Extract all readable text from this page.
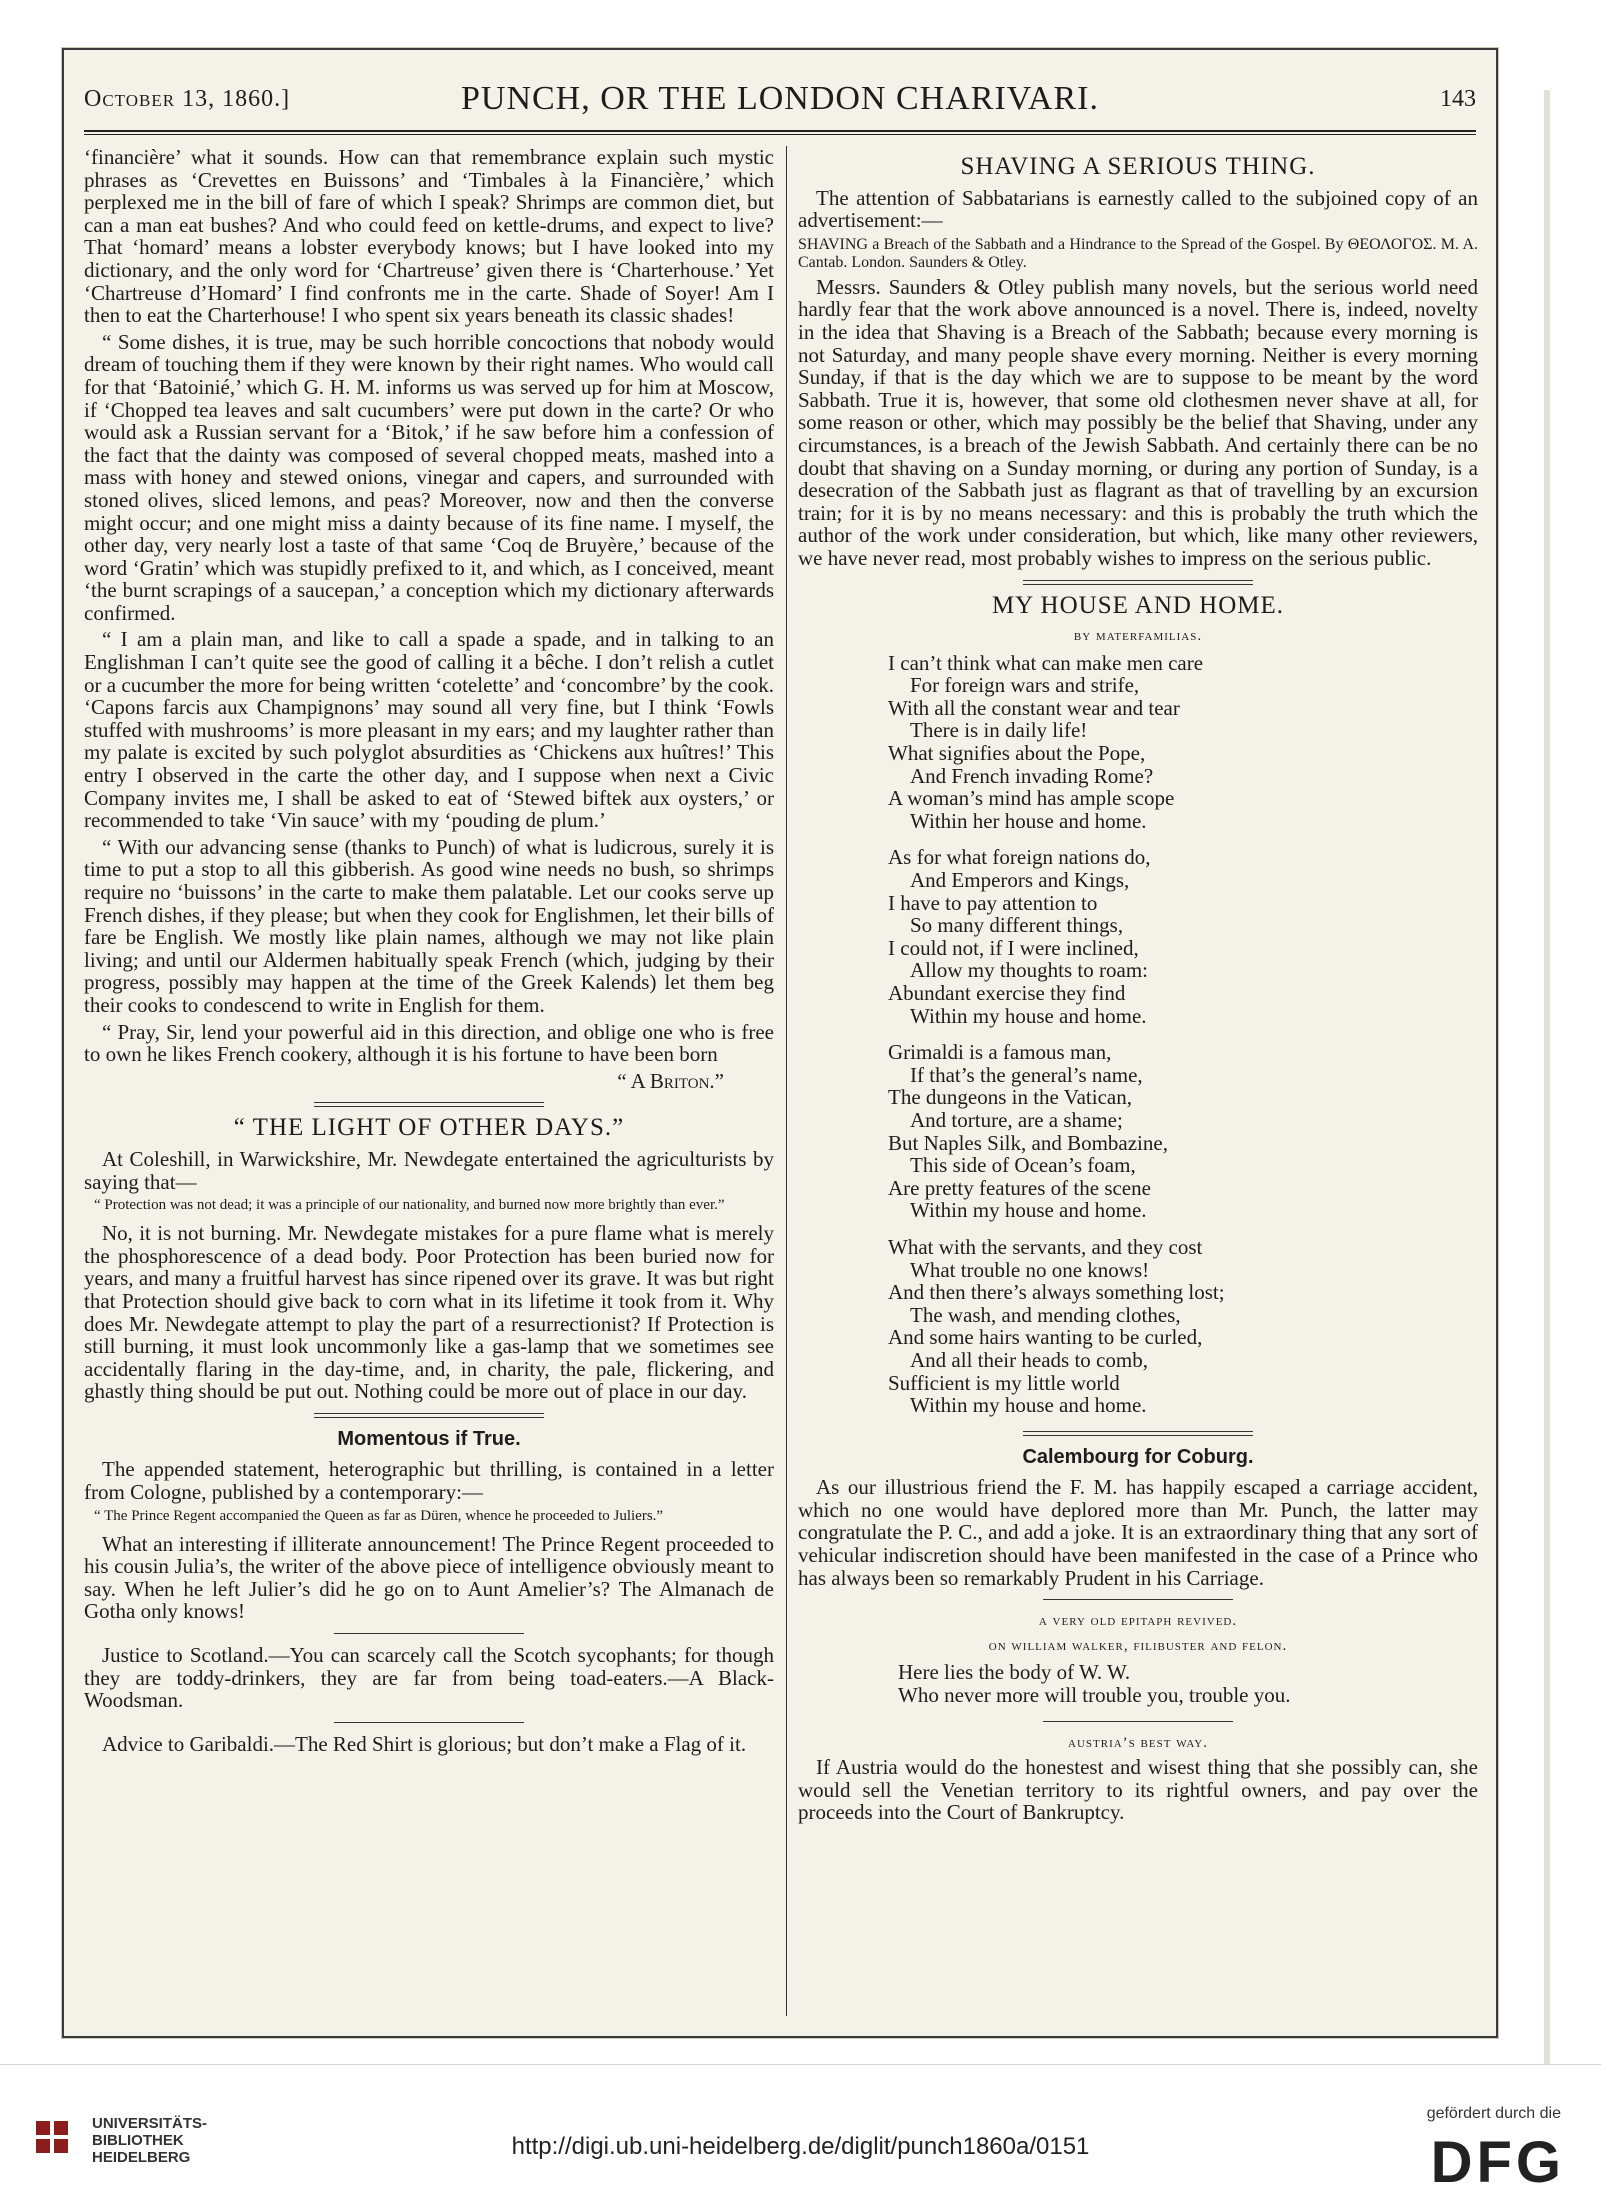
October 13, 1860.]	PUNCH, OR THE LONDON CHARIVARI.	143

‘financière’ what it sounds. How can that remembrance explain such mystic phrases as ‘Crevettes en Buissons’ and ‘Timbales à la Financière,’ which perplexed me in the bill of fare of which I speak? Shrimps are common diet, but can a man eat bushes? And who could feed on kettle-drums, and expect to live? That ‘homard’ means a lobster everybody knows; but I have looked into my dictionary, and the only word for ‘Chartreuse’ given there is ‘Charterhouse.’ Yet ‘Chartreuse d’Homard’ I find confronts me in the carte. Shade of Soyer! Am I then to eat the Charterhouse! I who spent six years beneath its classic shades!

“ Some dishes, it is true, may be such horrible concoctions that nobody would dream of touching them if they were known by their right names. Who would call for that ‘Batoinié,’ which G. H. M. informs us was served up for him at Moscow, if ‘Chopped tea leaves and salt cucumbers’ were put down in the carte? Or who would ask a Russian servant for a ‘Bitok,’ if he saw before him a confession of the fact that the dainty was composed of several chopped meats, mashed into a mass with honey and stewed onions, vinegar and capers, and surrounded with stoned olives, sliced lemons, and peas? Moreover, now and then the converse might occur; and one might miss a dainty because of its fine name. I myself, the other day, very nearly lost a taste of that same ‘Coq de Bruyère,’ because of the word ‘Gratin’ which was stupidly prefixed to it, and which, as I conceived, meant ‘the burnt scrapings of a saucepan,’ a conception which my dictionary afterwards confirmed.

“ I am a plain man, and like to call a spade a spade, and in talking to an Englishman I can’t quite see the good of calling it a bêche. I don’t relish a cutlet or a cucumber the more for being written ‘cotelette’ and ‘concombre’ by the cook. ‘Capons farcis aux Champignons’ may sound all very fine, but I think ‘Fowls stuffed with mushrooms’ is more pleasant in my ears; and my laughter rather than my palate is excited by such polyglot absurdities as ‘Chickens aux huîtres!’ This entry I observed in the carte the other day, and I suppose when next a Civic Company invites me, I shall be asked to eat of ‘Stewed biftek aux oysters,’ or recommended to take ‘Vin sauce’ with my ‘pouding de plum.’

“ With our advancing sense (thanks to Punch) of what is ludicrous, surely it is time to put a stop to all this gibberish. As good wine needs no bush, so shrimps require no ‘buissons’ in the carte to make them palatable. Let our cooks serve up French dishes, if they please; but when they cook for Englishmen, let their bills of fare be English. We mostly like plain names, although we may not like plain living; and until our Aldermen habitually speak French (which, judging by their progress, possibly may happen at the time of the Greek Kalends) let them beg their cooks to condescend to write in English for them.

“ Pray, Sir, lend your powerful aid in this direction, and oblige one who is free to own he likes French cookery, although it is his fortune to have been born

“ A Briton.”
“ THE LIGHT OF OTHER DAYS.”

At Coleshill, in Warwickshire, Mr. Newdegate entertained the agriculturists by saying that—

“ Protection was not dead; it was a principle of our nationality, and burned now more brightly than ever.”

No, it is not burning. Mr. Newdegate mistakes for a pure flame what is merely the phosphorescence of a dead body. Poor Protection has been buried now for years, and many a fruitful harvest has since ripened over its grave. It was but right that Protection should give back to corn what in its lifetime it took from it. Why does Mr. Newdegate attempt to play the part of a resurrectionist? If Protection is still burning, it must look uncommonly like a gas-lamp that we sometimes see accidentally flaring in the day-time, and, in charity, the pale, flickering, and ghastly thing should be put out. Nothing could be more out of place in our day.

Momentous if True.

The appended statement, heterographic but thrilling, is contained in a letter from Cologne, published by a contemporary:—

“ The Prince Regent accompanied the Queen as far as Düren, whence he proceeded to Juliers.”

What an interesting if illiterate announcement! The Prince Regent proceeded to his cousin Julia’s, the writer of the above piece of intelligence obviously meant to say. When he left Julier’s did he go on to Aunt Amelier’s? The Almanach de Gotha only knows!

Justice to Scotland.—You can scarcely call the Scotch sycophants; for though they are toddy-drinkers, they are far from being toad-eaters.—A Black-Woodsman.

Advice to Garibaldi.—The Red Shirt is glorious; but don’t make a Flag of it.

SHAVING A SERIOUS THING.

The attention of Sabbatarians is earnestly called to the subjoined copy of an advertisement:—

SHAVING a Breach of the Sabbath and a Hindrance to the Spread of the Gospel. By ΘΕΟΛΟΓΟΣ. M. A. Cantab. London. Saunders & Otley.

Messrs. Saunders & Otley publish many novels, but the serious world need hardly fear that the work above announced is a novel. There is, indeed, novelty in the idea that Shaving is a Breach of the Sabbath; because every morning is not Saturday, and many people shave every morning. Neither is every morning Sunday, if that is the day which we are to suppose to be meant by the word Sabbath. True it is, however, that some old clothesmen never shave at all, for some reason or other, which may possibly be the belief that Shaving, under any circumstances, is a breach of the Jewish Sabbath. And certainly there can be no doubt that shaving on a Sunday morning, or during any portion of Sunday, is a desecration of the Sabbath just as flagrant as that of travelling by an excursion train; for it is by no means necessary: and this is probably the truth which the author of the work under consideration, but which, like many other reviewers, we have never read, most probably wishes to impress on the serious public.

MY HOUSE AND HOME.
by materfamilias.
I can’t think what can make men care
For foreign wars and strife,
With all the constant wear and tear
There is in daily life!
What signifies about the Pope,
And French invading Rome?
A woman’s mind has ample scope
Within her house and home.
As for what foreign nations do,
And Emperors and Kings,
I have to pay attention to
So many different things,
I could not, if I were inclined,
Allow my thoughts to roam:
Abundant exercise they find
Within my house and home.
Grimaldi is a famous man,
If that’s the general’s name,
The dungeons in the Vatican,
And torture, are a shame;
But Naples Silk, and Bombazine,
This side of Ocean’s foam,
Are pretty features of the scene
Within my house and home.
What with the servants, and they cost
What trouble no one knows!
And then there’s always something lost;
The wash, and mending clothes,
And some hairs wanting to be curled,
And all their heads to comb,
Sufficient is my little world
Within my house and home.
Calembourg for Coburg.

As our illustrious friend the F. M. has happily escaped a carriage accident, which no one would have deplored more than Mr. Punch, the latter may congratulate the P. C., and add a joke. It is an extraordinary thing that any sort of vehicular indiscretion should have been manifested in the case of a Prince who has always been so remarkably Prudent in his Carriage.

a very old epitaph revived.
on william walker, filibuster and felon.
Here lies the body of W. W.
Who never more will trouble you, trouble you.
austria’s best way.

If Austria would do the honestest and wisest thing that she possibly can, she would sell the Venetian territory to its rightful owners, and pay over the proceeds into the Court of Bankruptcy.

UNIVERSITÄTS-
BIBLIOTHEK
HEIDELBERG	http://digi.ub.uni-heidelberg.de/diglit/punch1860a/0151
gefördert durch die
DFG
